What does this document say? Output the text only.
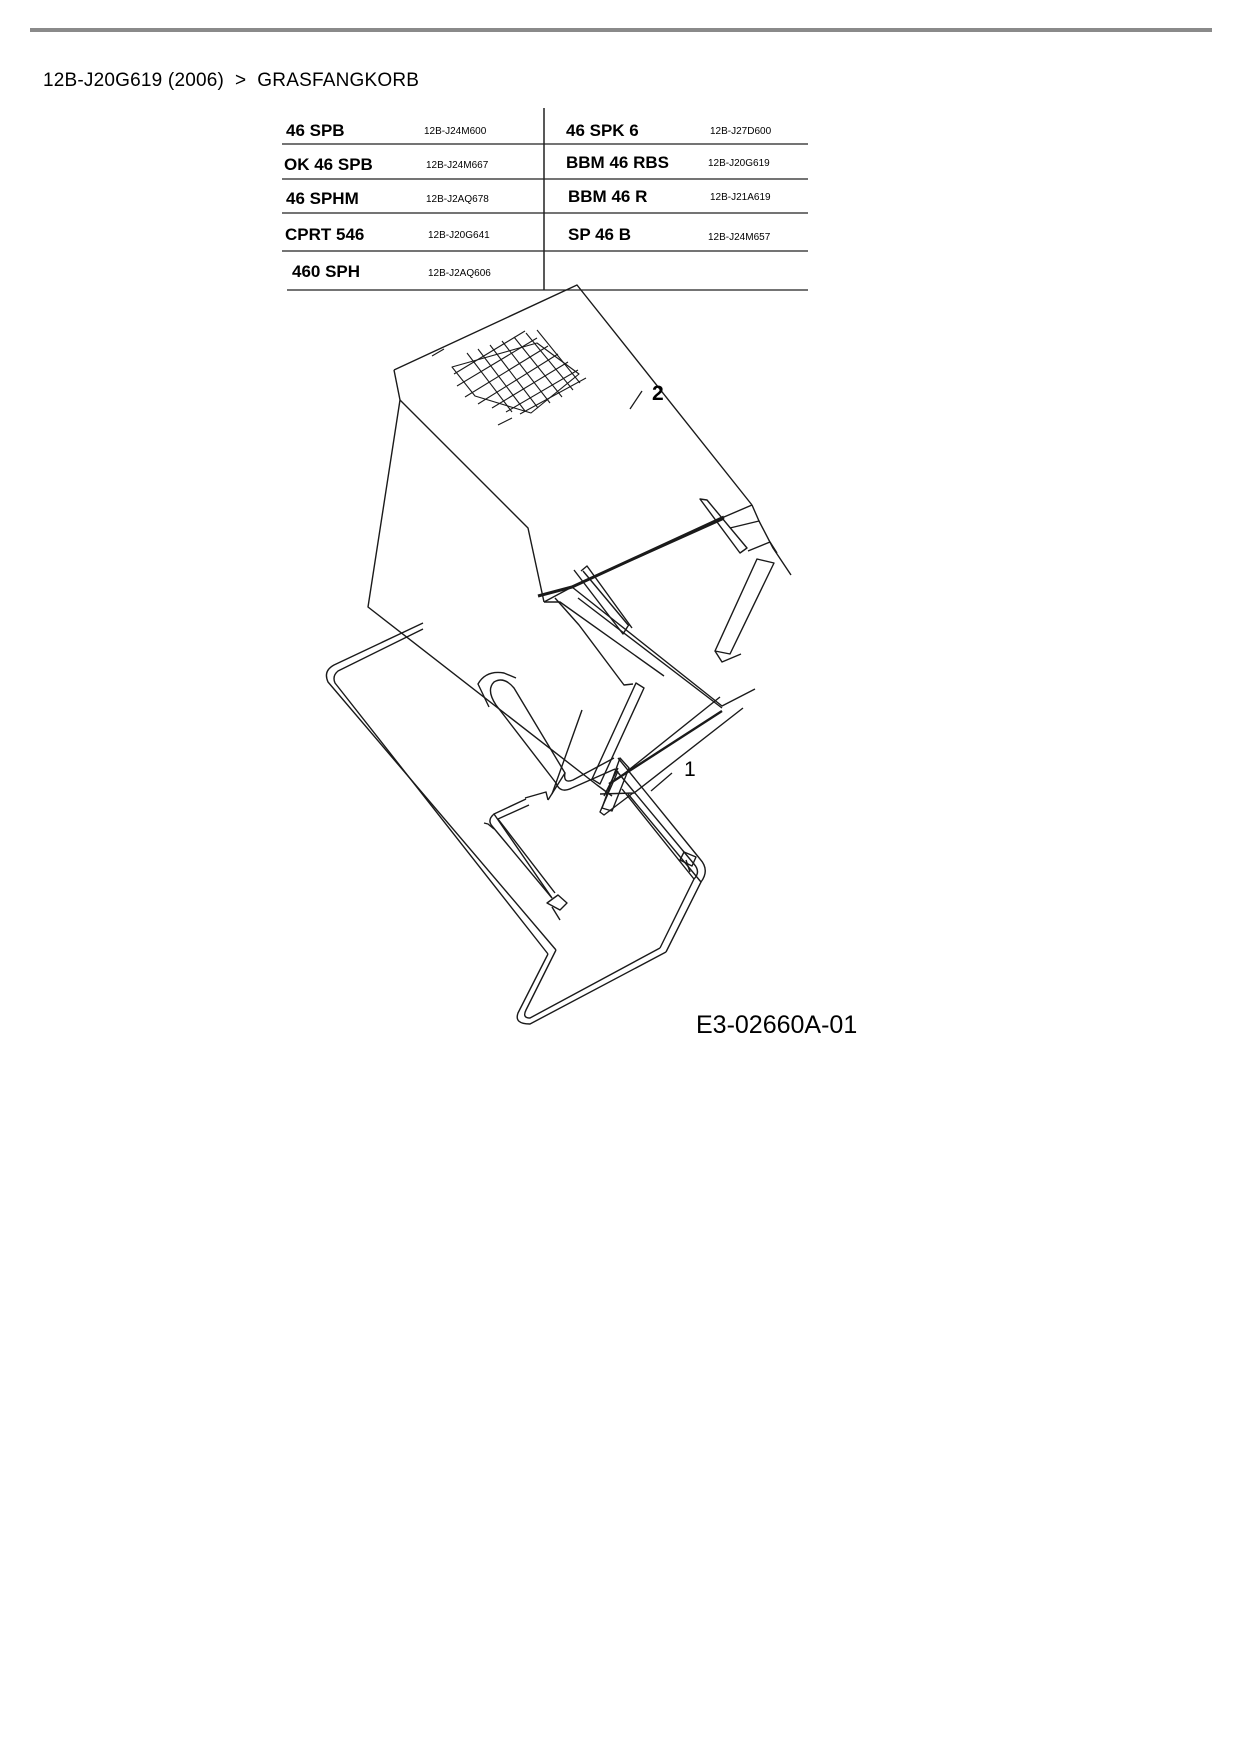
12B-J20G619 (2006) > GRASFANGKORB
46 SPB	12B-J24M600	46 SPK 6	12B-J27D600
OK 46 SPB	12B-J24M667	BBM 46 RBS	12B-J20G619
46 SPHM	12B-J2AQ678	BBM 46 R	12B-J21A619
CPRT 546	12B-J20G641	SP 46 B	12B-J24M657
460 SPH	12B-J2AQ606
2
1
E3-02660A-01
